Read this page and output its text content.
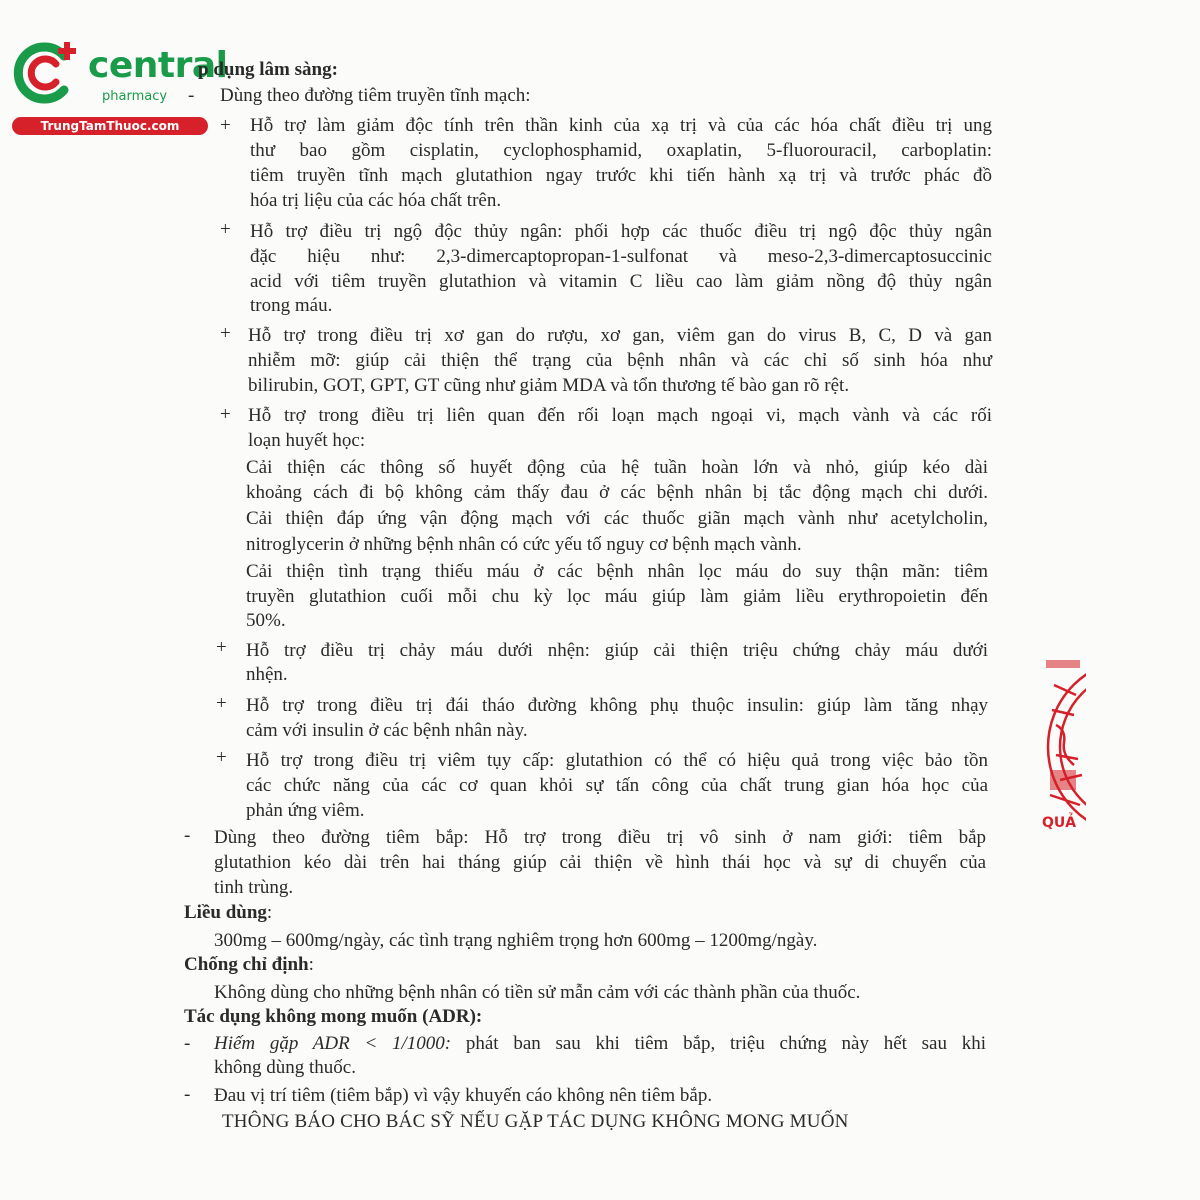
central
pharmacy
TrungTamThuoc.com
p dụng lâm sàng:
- Dùng theo đường tiêm truyền tĩnh mạch:
+ Hỗ trợ làm giảm độc tính trên thần kinh của xạ trị và của các hóa chất điều trị ung
thư bao gồm cisplatin, cyclophosphamid, oxaplatin, 5-fluorouracil, carboplatin:
tiêm truyền tĩnh mạch glutathion ngay trước khi tiến hành xạ trị và trước phác đồ
hóa trị liệu của các hóa chất trên.
+ Hỗ trợ điều trị ngộ độc thủy ngân: phối hợp các thuốc điều trị ngộ độc thủy ngân
đặc hiệu như: 2,3-dimercaptopropan-1-sulfonat và meso-2,3-dimercaptosuccinic
acid với tiêm truyền glutathion và vitamin C liều cao làm giảm nồng độ thủy ngân
trong máu.
+ Hỗ trợ trong điều trị xơ gan do rượu, xơ gan, viêm gan do virus B, C, D và gan
nhiễm mỡ: giúp cải thiện thể trạng của bệnh nhân và các chỉ số sinh hóa như
bilirubin, GOT, GPT, GT cũng như giảm MDA và tổn thương tế bào gan rõ rệt.
+ Hỗ trợ trong điều trị liên quan đến rối loạn mạch ngoại vi, mạch vành và các rối
loạn huyết học:
Cải thiện các thông số huyết động của hệ tuần hoàn lớn và nhỏ, giúp kéo dài
khoảng cách đi bộ không cảm thấy đau ở các bệnh nhân bị tắc động mạch chi dưới.
Cải thiện đáp ứng vận động mạch với các thuốc giãn mạch vành như acetylcholin,
nitroglycerin ở những bệnh nhân có cức yếu tố nguy cơ bệnh mạch vành.
Cải thiện tình trạng thiếu máu ở các bệnh nhân lọc máu do suy thận mãn: tiêm
truyền glutathion cuối mỗi chu kỳ lọc máu giúp làm giảm liều erythropoietin đến
50%.
+ Hỗ trợ điều trị chảy máu dưới nhện: giúp cải thiện triệu chứng chảy máu dưới
nhện.
+ Hỗ trợ trong điều trị đái tháo đường không phụ thuộc insulin: giúp làm tăng nhạy
cảm với insulin ở các bệnh nhân này.
+ Hỗ trợ trong điều trị viêm tụy cấp: glutathion có thể có hiệu quả trong việc bảo tồn
các chức năng của các cơ quan khỏi sự tấn công của chất trung gian hóa học của
phản ứng viêm.
- Dùng theo đường tiêm bắp: Hỗ trợ trong điều trị vô sinh ở nam giới: tiêm bắp
glutathion kéo dài trên hai tháng giúp cải thiện về hình thái học và sự di chuyển của
tinh trùng.
Liều dùng:
300mg – 600mg/ngày, các tình trạng nghiêm trọng hơn 600mg – 1200mg/ngày.
Chống chỉ định:
Không dùng cho những bệnh nhân có tiền sử mẫn cảm với các thành phần của thuốc.
Tác dụng không mong muốn (ADR):
- Hiếm gặp ADR < 1/1000: phát ban sau khi tiêm bắp, triệu chứng này hết sau khi
không dùng thuốc.
- Đau vị trí tiêm (tiêm bắp) vì vậy khuyến cáo không nên tiêm bắp.
THÔNG BÁO CHO BÁC SỸ NẾU GẶP TÁC DỤNG KHÔNG MONG MUỐN
QUẢ
